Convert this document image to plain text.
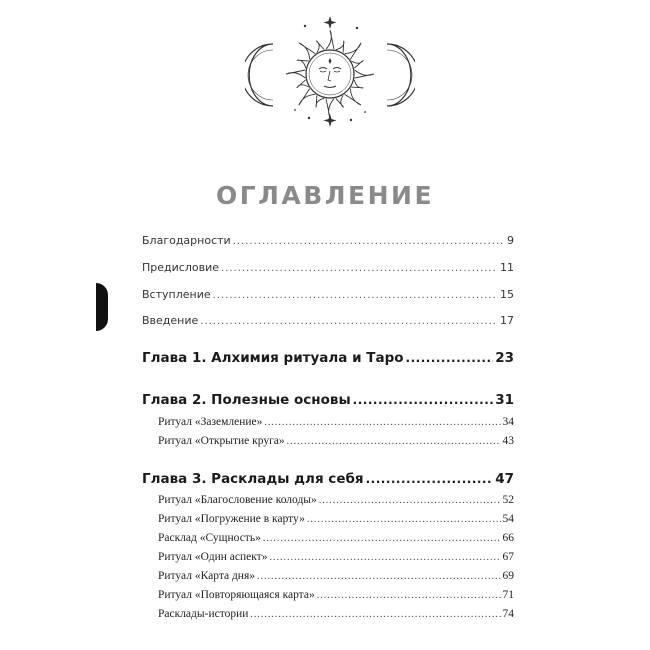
ОГЛАВЛЕНИЕ
Благодарности .....	9
Предисловие .....	11
Вступление .....	15
Введение .....	17
Глава 1. Алхимия ритуала и Таро .....	23
Глава 2. Полезные основы .....	31
Ритуал «Заземление» .....	34
Ритуал «Открытие круга» .....	43
Глава 3. Расклады для себя .....	47
Ритуал «Благословение колоды» .....	52
Ритуал «Погружение в карту» .....	54
Расклад «Сущность» .....	66
Ритуал «Один аспект» .....	67
Ритуал «Карта дня» .....	69
Ритуал «Повторяющаяся карта» .....	71
Расклады-истории .....	74
